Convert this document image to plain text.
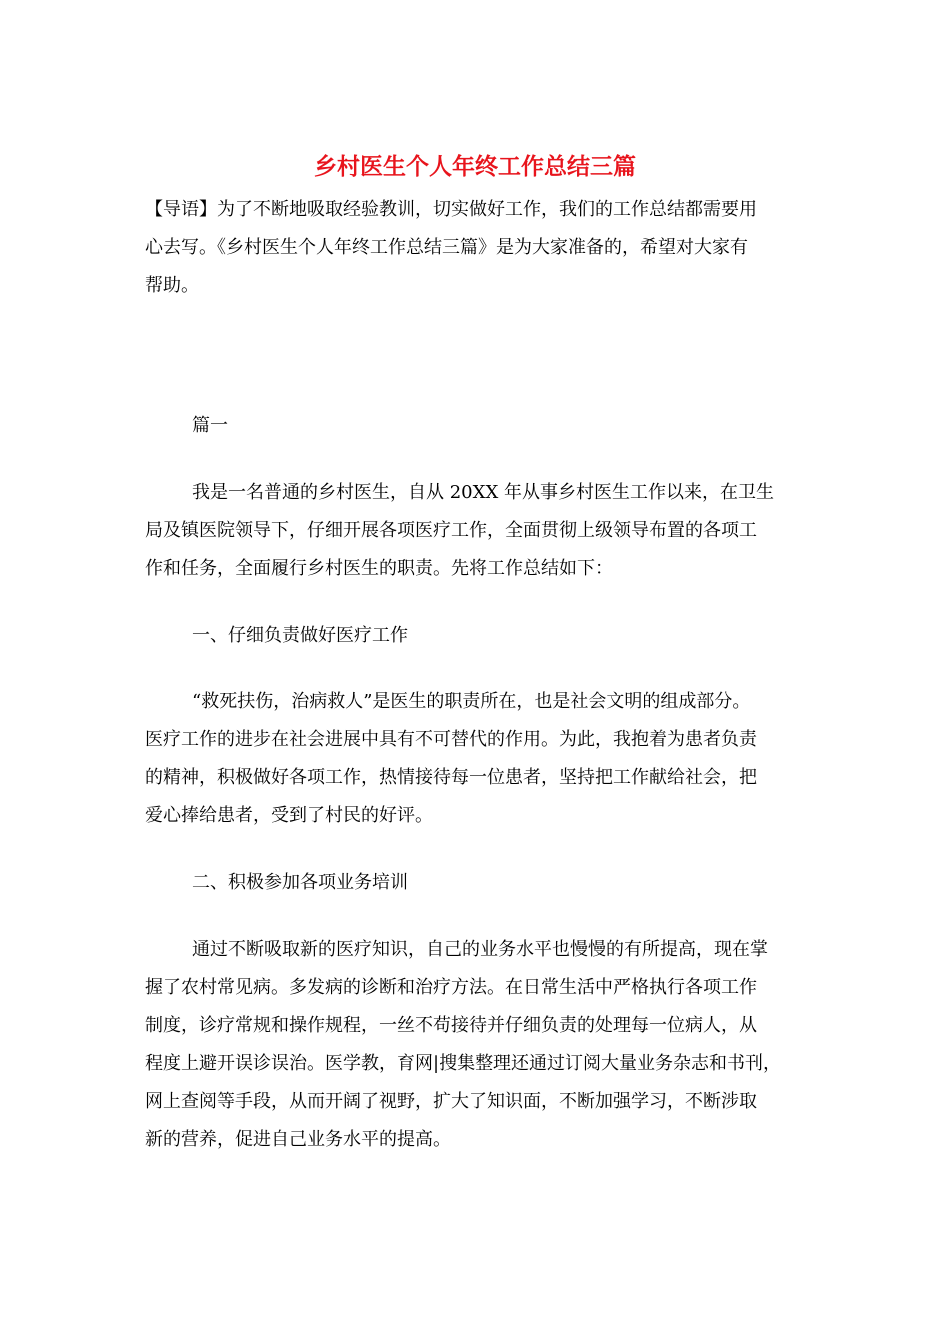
乡村医生个人年终工作总结三篇

【导语】为了不断地吸取经验教训，切实做好工作，我们的工作总结都需要用
心去写。《乡村医生个人年终工作总结三篇》是为大家准备的，希望对大家有
帮助。

篇一

我是一名普通的乡村医生，自从 20XX 年从事乡村医生工作以来，在卫生
局及镇医院领导下，仔细开展各项医疗工作，全面贯彻上级领导布置的各项工
作和任务，全面履行乡村医生的职责。先将工作总结如下：

一、仔细负责做好医疗工作

“救死扶伤，治病救人”是医生的职责所在，也是社会文明的组成部分。
医疗工作的进步在社会进展中具有不可替代的作用。为此，我抱着为患者负责
的精神，积极做好各项工作，热情接待每一位患者，坚持把工作献给社会，把
爱心捧给患者，受到了村民的好评。

二、积极参加各项业务培训

通过不断吸取新的医疗知识，自己的业务水平也慢慢的有所提高，现在掌
握了农村常见病。多发病的诊断和治疗方法。在日常生活中严格执行各项工作
制度，诊疗常规和操作规程，一丝不苟接待并仔细负责的处理每一位病人，从
程度上避开误诊误治。医学教，育网|搜集整理还通过订阅大量业务杂志和书刊，
网上查阅等手段，从而开阔了视野，扩大了知识面，不断加强学习，不断涉取
新的营养，促进自己业务水平的提高。
